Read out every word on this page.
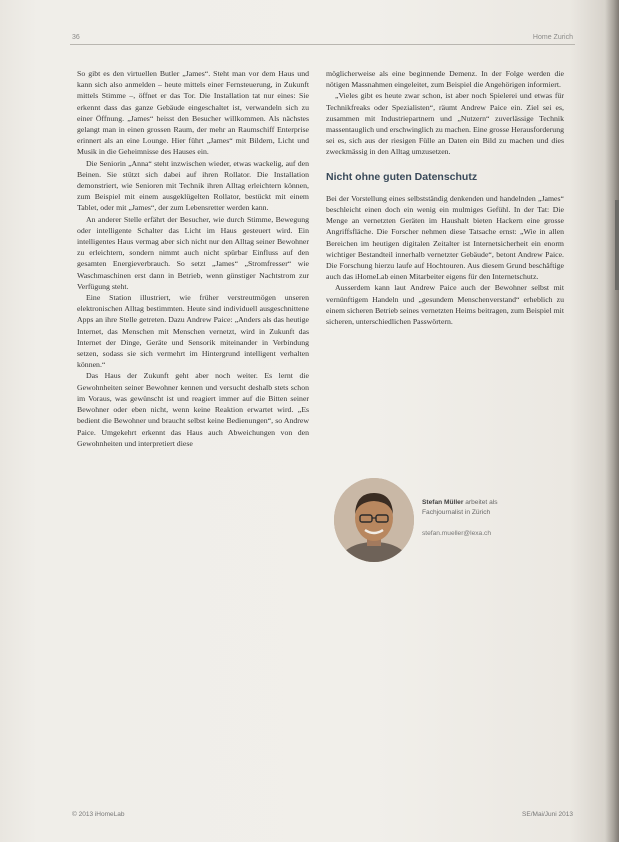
36	Home Zurich

So gibt es den virtuellen Butler „James“. Steht man vor dem Haus und kann sich also anmelden – heute mittels einer Fernsteuerung, in Zukunft mittels Stimme –, öffnet er das Tor. Die Installation tat nur eines: Sie erkennt dass das ganze Gebäude eingeschaltet ist, verwandeln sich zu einer Öffnung. „James“ heisst den Besucher willkommen. Als nächstes gelangt man in einen grossen Raum, der mehr an Raumschiff Enterprise erinnert als an eine Lounge. Hier führt „James“ mit Bildern, Licht und Musik in die Geheimnisse des Hauses ein.

Die Seniorin „Anna“ steht inzwischen wieder, etwas wackelig, auf den Beinen. Sie stützt sich dabei auf ihren Rollator. Die Installation demonstriert, wie Senioren mit Technik ihren Alltag erleichtern können, zum Beispiel mit einem ausgeklügelten Rollator, bestückt mit einem Tablet, oder mit „James“, der zum Lebensretter werden kann.

An anderer Stelle erfährt der Besucher, wie durch Stimme, Bewegung oder intelligente Schalter das Licht im Haus gesteuert wird. Ein intelligentes Haus vermag aber sich nicht nur den Alltag seiner Bewohner zu erleichtern, sondern nimmt auch nicht spürbar Einfluss auf den gesamten Energieverbrauch. So setzt „James“ „Stromfresser“ wie Waschmaschinen erst dann in Betrieb, wenn günstiger Nachtstrom zur Verfügung steht.

Eine Station illustriert, wie früher verstreutmögen unseren elektronischen Alltag bestimmten. Heute sind individuell ausgeschnittene Apps an ihre Stelle getreten. Dazu Andrew Paice: „Anders als das heutige Internet, das Menschen mit Menschen vernetzt, wird in Zukunft das Internet der Dinge, Geräte und Sensorik miteinander in Verbindung setzen, sodass sie sich vermehrt im Hintergrund intelligent verhalten können.“

Das Haus der Zukunft geht aber noch weiter. Es lernt die Gewohnheiten seiner Bewohner kennen und versucht deshalb stets schon im Voraus, was gewünscht ist und reagiert immer auf die Bitten seiner Bewohner oder eben nicht, wenn keine Reaktion erwartet wird. „Es bedient die Bewohner und braucht selbst keine Bedienungen“, so Andrew Paice. Umgekehrt erkennt das Haus auch Abweichungen von den Gewohnheiten und interpretiert diese

möglicherweise als eine beginnende Demenz. In der Folge werden die nötigen Massnahmen eingeleitet, zum Beispiel die Angehörigen informiert.

„Vieles gibt es heute zwar schon, ist aber noch Spielerei und etwas für Technikfreaks oder Spezialisten“, räumt Andrew Paice ein. Ziel sei es, zusammen mit Industriepartnern und „Nutzern“ zuverlässige Technik massentauglich und erschwinglich zu machen. Eine grosse Herausforderung sei es, sich aus der riesigen Fülle an Daten ein Bild zu machen und dies zweckmässig in den Alltag umzusetzen.

Nicht ohne guten Datenschutz

Bei der Vorstellung eines selbstständig denkenden und handelnden „James“ beschleicht einen doch ein wenig ein mulmiges Gefühl. In der Tat: Die Menge an vernetzten Geräten im Haushalt bieten Hackern eine grosse Angriffsfläche. Die Forscher nehmen diese Tatsache ernst: „Wie in allen Bereichen im heutigen digitalen Zeitalter ist Internetsicherheit ein enorm wichtiger Bestandteil innerhalb vernetzter Gebäude“, betont Andrew Paice. Die Forschung hierzu laufe auf Hochtouren. Aus diesem Grund beschäftige auch das iHomeLab einen Mitarbeiter eigens für den Internetschutz.

Ausserdem kann laut Andrew Paice auch der Bewohner selbst mit vernünftigem Handeln und „gesundem Menschenverstand“ erheblich zu einem sicheren Betrieb seines vernetzten Heims beitragen, zum Beispiel mit sicheren, unterschiedlichen Passwörtern.

Stefan Müller arbeitet als
Fachjournalist in Zürich
stefan.mueller@lexa.ch
© 2013 iHomeLab	SE/Mai/Juni 2013
